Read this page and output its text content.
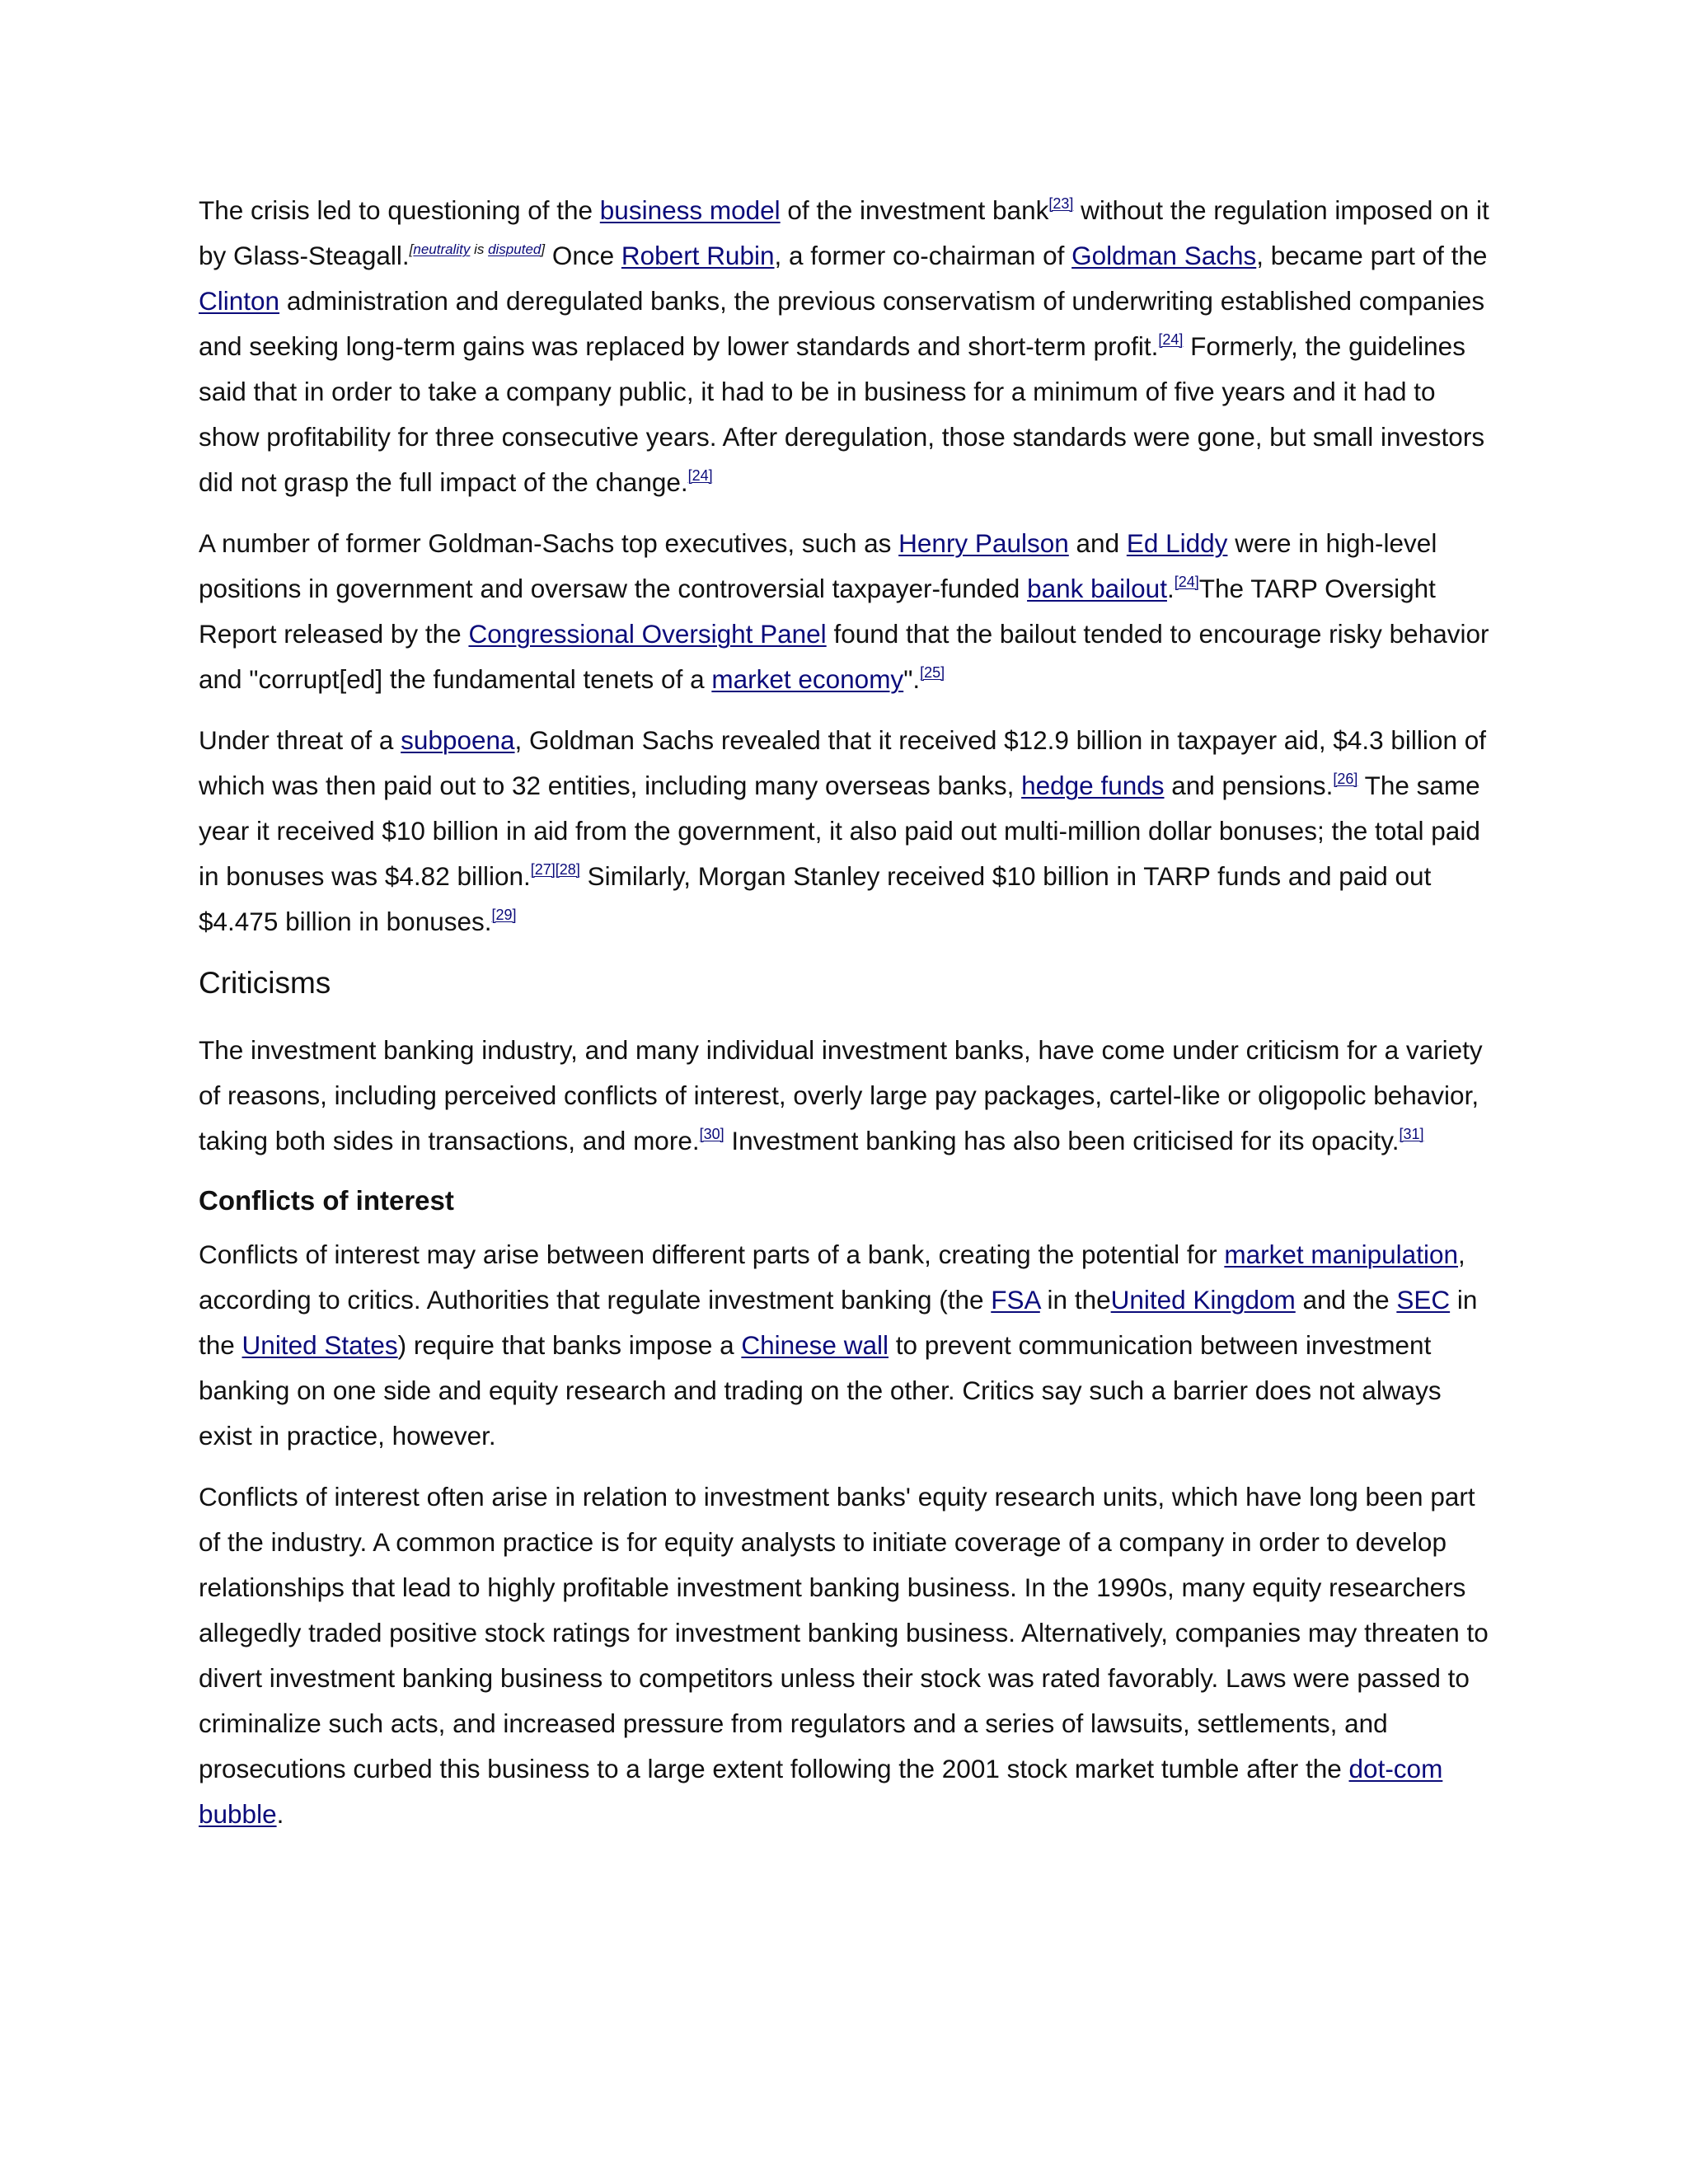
The crisis led to questioning of the business model of the investment bank[23] without the regulation imposed on it by Glass-Steagall.[neutrality is disputed] Once Robert Rubin, a former co-chairman of Goldman Sachs, became part of the Clinton administration and deregulated banks, the previous conservatism of underwriting established companies and seeking long-term gains was replaced by lower standards and short-term profit.[24] Formerly, the guidelines said that in order to take a company public, it had to be in business for a minimum of five years and it had to show profitability for three consecutive years. After deregulation, those standards were gone, but small investors did not grasp the full impact of the change.[24]

A number of former Goldman-Sachs top executives, such as Henry Paulson and Ed Liddy were in high-level positions in government and oversaw the controversial taxpayer-funded bank bailout.[24]The TARP Oversight Report released by the Congressional Oversight Panel found that the bailout tended to encourage risky behavior and "corrupt[ed] the fundamental tenets of a market economy".[25]

Under threat of a subpoena, Goldman Sachs revealed that it received $12.9 billion in taxpayer aid, $4.3 billion of which was then paid out to 32 entities, including many overseas banks, hedge funds and pensions.[26] The same year it received $10 billion in aid from the government, it also paid out multi-million dollar bonuses; the total paid in bonuses was $4.82 billion.[27][28] Similarly, Morgan Stanley received $10 billion in TARP funds and paid out $4.475 billion in bonuses.[29]

Criticisms

The investment banking industry, and many individual investment banks, have come under criticism for a variety of reasons, including perceived conflicts of interest, overly large pay packages, cartel-like or oligopolic behavior, taking both sides in transactions, and more.[30] Investment banking has also been criticised for its opacity.[31]

Conflicts of interest

Conflicts of interest may arise between different parts of a bank, creating the potential for market manipulation, according to critics. Authorities that regulate investment banking (the FSA in theUnited Kingdom and the SEC in the United States) require that banks impose a Chinese wall to prevent communication between investment banking on one side and equity research and trading on the other. Critics say such a barrier does not always exist in practice, however.

Conflicts of interest often arise in relation to investment banks' equity research units, which have long been part of the industry. A common practice is for equity analysts to initiate coverage of a company in order to develop relationships that lead to highly profitable investment banking business. In the 1990s, many equity researchers allegedly traded positive stock ratings for investment banking business. Alternatively, companies may threaten to divert investment banking business to competitors unless their stock was rated favorably. Laws were passed to criminalize such acts, and increased pressure from regulators and a series of lawsuits, settlements, and prosecutions curbed this business to a large extent following the 2001 stock market tumble after the dot-com bubble.
